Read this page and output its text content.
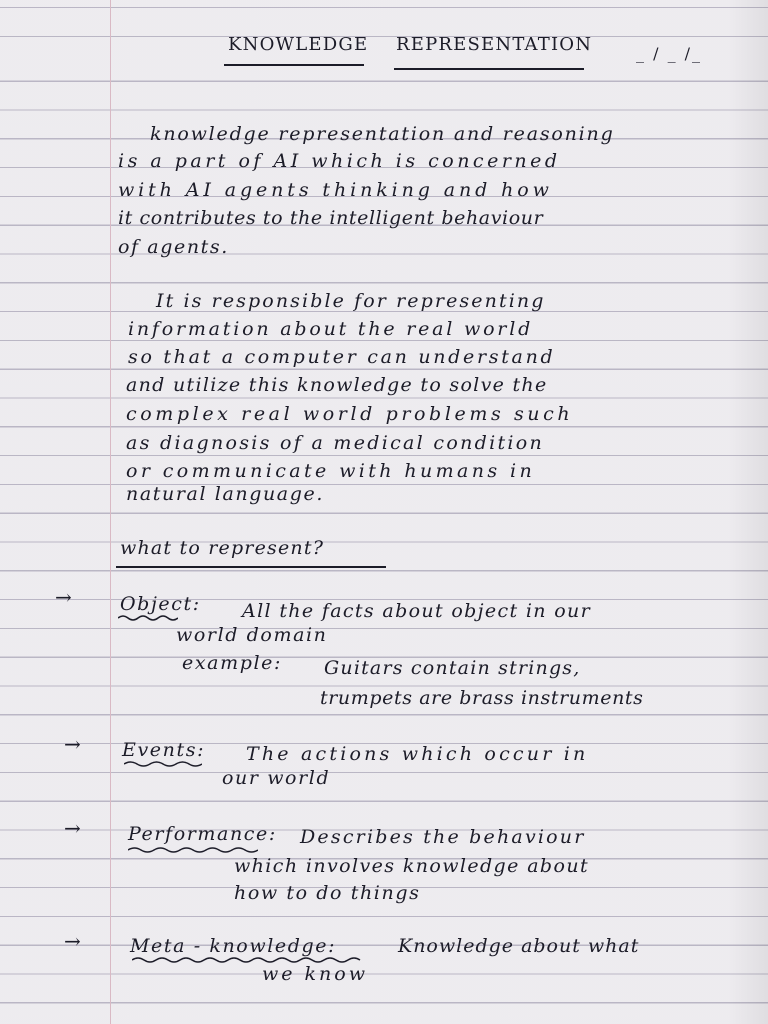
KNOWLEDGE REPRESENTATION	_ / _ /_

knowledge representation and reasoning

is a part of AI which is concerned

with AI agents thinking and how

it contributes to the intelligent behaviour

of agents.

It is responsible for representing

information about the real world

so that a computer can understand

and utilize this knowledge to solve the

complex real world problems such

as diagnosis of a medical condition

or communicate with humans in

natural language.

what to represent?

→	Object: All the facts about object in our

world domain

example: Guitars contain strings,

trumpets are brass instruments

→ Events: The actions which occur in

our world

→ Performance: Describes the behaviour

which involves knowledge about

how to do things

→	Meta - knowledge:	Knowledge about what

we know
